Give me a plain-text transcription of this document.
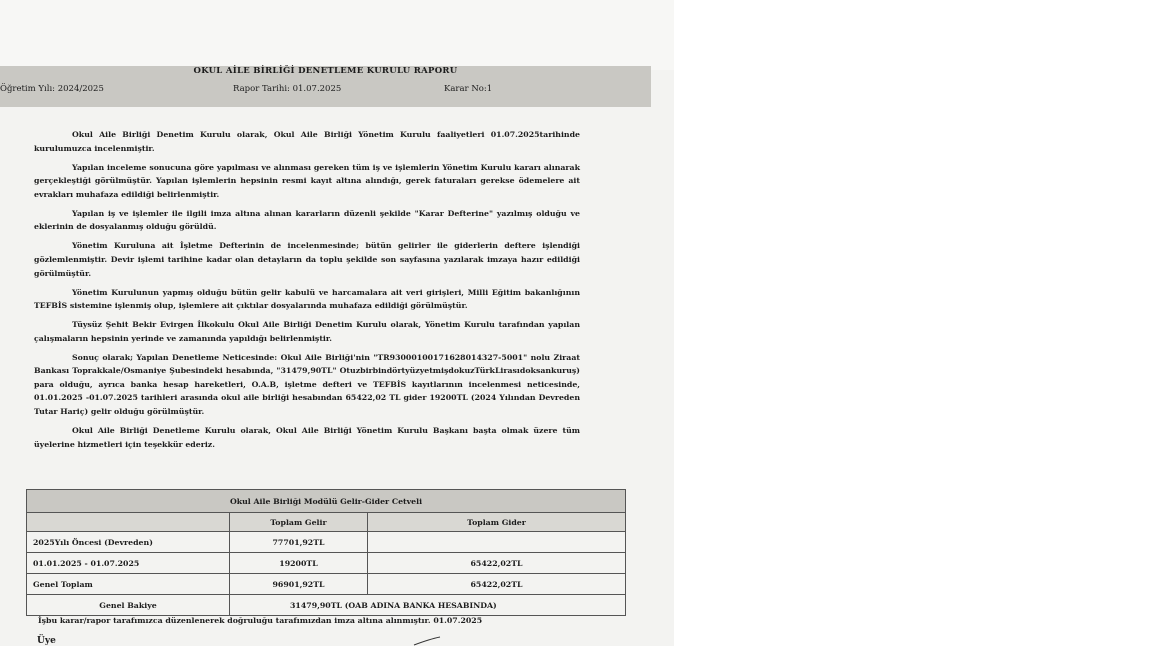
OKUL AİLE BİRLİĞİ DENETLEME KURULU RAPORU
Öğretim Yılı: 2024/2025	Rapor Tarihi: 01.07.2025	Karar No:1

Okul Aile Birliği Denetim Kurulu olarak, Okul Aile Birliği Yönetim Kurulu faaliyetleri 01.07.2025tarihinde kurulumuzca incelenmiştir.

Yapılan inceleme sonucuna göre yapılması ve alınması gereken tüm iş ve işlemlerin Yönetim Kurulu kararı alınarak gerçekleştiği görülmüştür. Yapılan işlemlerin hepsinin resmi kayıt altına alındığı, gerek faturaları gerekse ödemelere ait evrakları muhafaza edildiği belirlenmiştir.

Yapılan iş ve işlemler ile ilgili imza altına alınan kararların düzenli şekilde "Karar Defterine" yazılmış olduğu ve eklerinin de dosyalanmış olduğu görüldü.

Yönetim Kuruluna ait İşletme Defterinin de incelenmesinde; bütün gelirler ile giderlerin deftere işlendiği gözlemlenmiştir. Devir işlemi tarihine kadar olan detayların da toplu şekilde son sayfasına yazılarak imzaya hazır edildiği görülmüştür.

Yönetim Kurulunun yapmış olduğu bütün gelir kabulü ve harcamalara ait veri girişleri, Milli Eğitim bakanlığının TEFBİS sistemine işlenmiş olup, işlemlere ait çıktılar dosyalarında muhafaza edildiği görülmüştür.

Tüysüz Şehit Bekir Evirgen İlkokulu Okul Aile Birliği Denetim Kurulu olarak, Yönetim Kurulu tarafından yapılan çalışmaların hepsinin yerinde ve zamanında yapıldığı belirlenmiştir.

Sonuç olarak; Yapılan Denetleme Neticesinde: Okul Aile Birliği'nin "TR930001001716280143​27-5001" nolu Ziraat Bankası Toprakkale/Osmaniye Şubesindeki hesabında, "31479,90TL" OtuzbirbindörtyüzyetmişdokuzTürkLirasıdoksankuruş) para olduğu, ayrıca banka hesap hareketleri, O.A.B, işletme defteri ve TEFBİS kayıtlarının incelenmesi neticesinde, 01.01.2025 -01.07.2025 tarihleri arasında okul aile birliği hesabından 65422,02 TL gider 19200TL (2024 Yılından Devreden Tutar Hariç) gelir olduğu görülmüştür.

Okul Aile Birliği Denetleme Kurulu olarak, Okul Aile Birliği Yönetim Kurulu Başkanı başta olmak üzere tüm üyelerine hizmetleri için teşekkür ederiz.

Okul Aile Birliği Modülü Gelir-Gider Cetveli		
	Toplam Gelir	Toplam Gider
2025Yılı Öncesi (Devreden)	77701,92TL	
01.01.2025 - 01.07.2025	19200TL	65422,02TL
Genel Toplam	96901,92TL	65422,02TL
Genel Bakiye	31479,90TL (OAB ADINA BANKA HESABINDA)	
İşbu karar/rapor tarafımızca düzenlenerek doğruluğu tarafımızdan imza altına alınmıştır. 01.07.2025
Üye
